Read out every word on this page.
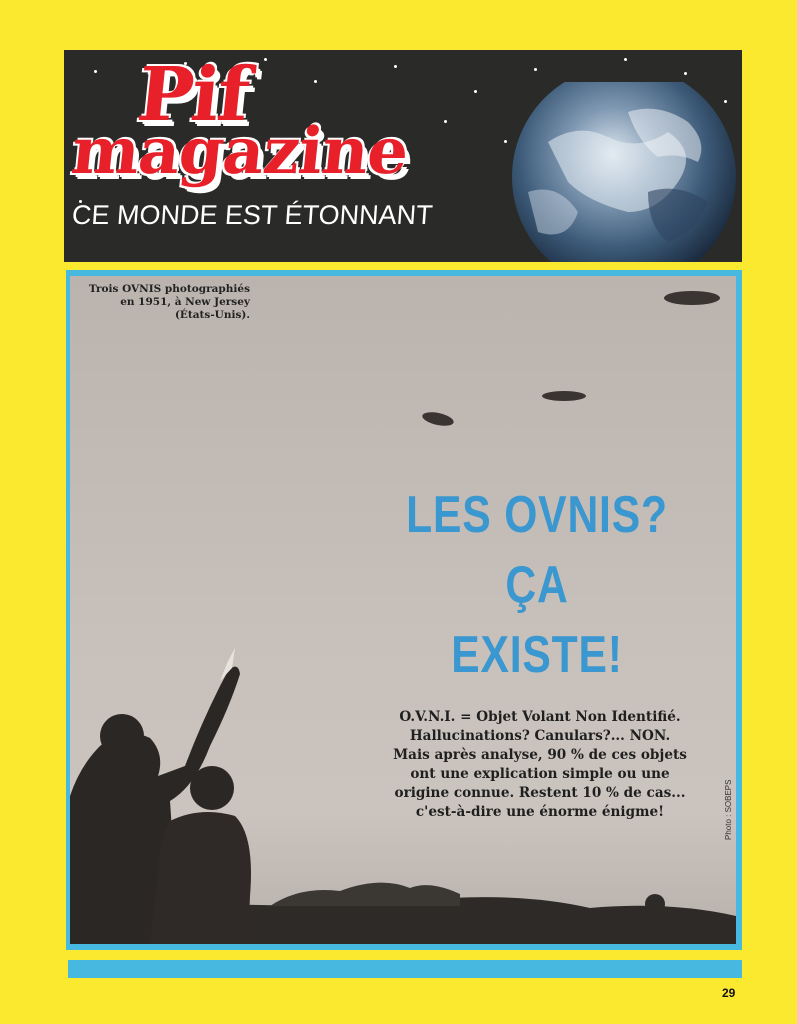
Pif
magazine
CE MONDE EST ÉTONNANT
Trois OVNIS photographiés en 1951, à New Jersey (États-Unis).
LES OVNIS?
ÇA
EXISTE!
O.V.N.I. = Objet Volant Non Identifié.
Hallucinations? Canulars?... NON.
Mais après analyse, 90 % de ces objets
ont une explication simple ou une
origine connue. Restent 10 % de cas...
c'est-à-dire une énorme énigme!	Photo : SOBEPS
29
